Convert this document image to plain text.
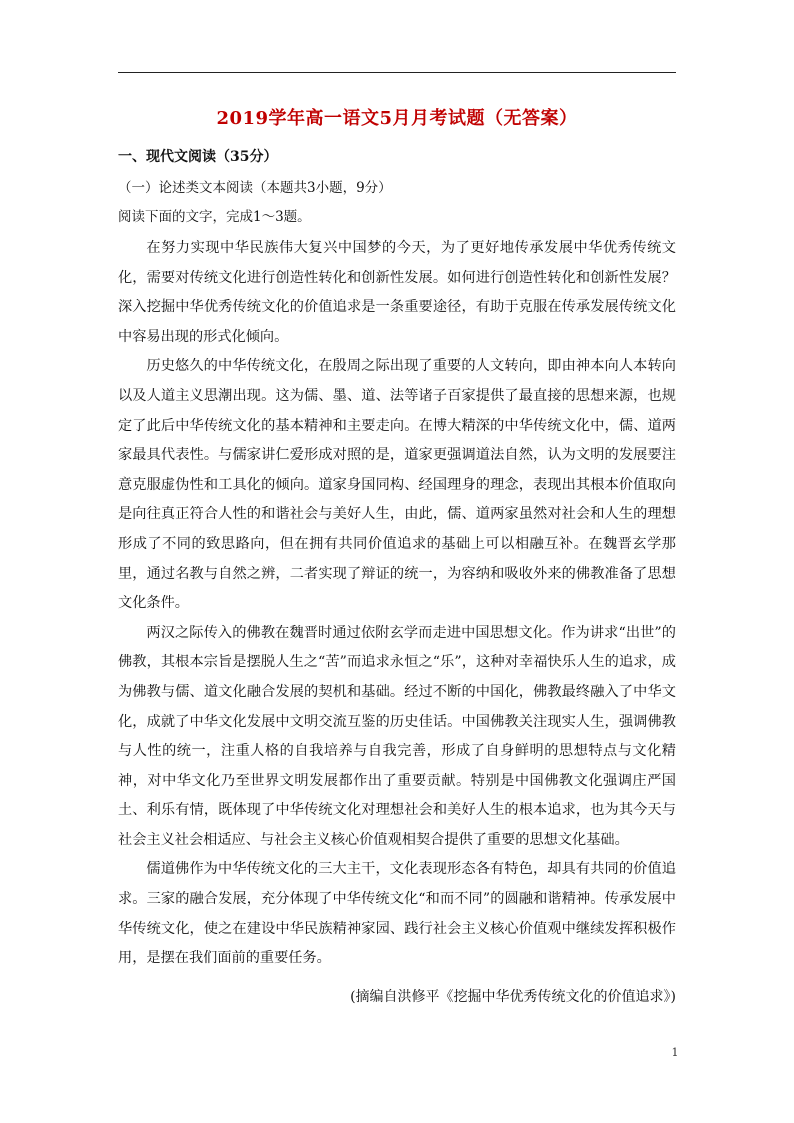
2019学年高一语文5月月考试题（无答案）
一、现代文阅读（35分）
（一）论述类文本阅读（本题共3小题，9分）
阅读下面的文字，完成1～3题。

在努力实现中华民族伟大复兴中国梦的今天，为了更好地传承发展中华优秀传统文化，需要对传统文化进行创造性转化和创新性发展。如何进行创造性转化和创新性发展？深入挖掘中华优秀传统文化的价值追求是一条重要途径，有助于克服在传承发展传统文化中容易出现的形式化倾向。

历史悠久的中华传统文化，在殷周之际出现了重要的人文转向，即由神本向人本转向以及人道主义思潮出现。这为儒、墨、道、法等诸子百家提供了最直接的思想来源，也规定了此后中华传统文化的基本精神和主要走向。在博大精深的中华传统文化中，儒、道两家最具代表性。与儒家讲仁爱形成对照的是，道家更强调道法自然，认为文明的发展要注意克服虚伪性和工具化的倾向。道家身国同构、经国理身的理念，表现出其根本价值取向是向往真正符合人性的和谐社会与美好人生，由此，儒、道两家虽然对社会和人生的理想形成了不同的致思路向，但在拥有共同价值追求的基础上可以相融互补。在魏晋玄学那里，通过名教与自然之辨，二者实现了辩证的统一，为容纳和吸收外来的佛教准备了思想文化条件。

两汉之际传入的佛教在魏晋时通过依附玄学而走进中国思想文化。作为讲求“出世”的佛教，其根本宗旨是摆脱人生之“苦”而追求永恒之“乐”，这种对幸福快乐人生的追求，成为佛教与儒、道文化融合发展的契机和基础。经过不断的中国化，佛教最终融入了中华文化，成就了中华文化发展中文明交流互鉴的历史佳话。中国佛教关注现实人生，强调佛教与人性的统一，注重人格的自我培养与自我完善，形成了自身鲜明的思想特点与文化精神，对中华文化乃至世界文明发展都作出了重要贡献。特别是中国佛教文化强调庄严国土、利乐有情，既体现了中华传统文化对理想社会和美好人生的根本追求，也为其今天与社会主义社会相适应、与社会主义核心价值观相契合提供了重要的思想文化基础。

儒道佛作为中华传统文化的三大主干，文化表现形态各有特色，却具有共同的价值追求。三家的融合发展，充分体现了中华传统文化“和而不同”的圆融和谐精神。传承发展中华传统文化，使之在建设中华民族精神家园、践行社会主义核心价值观中继续发挥积极作用，是摆在我们面前的重要任务。

(摘编自洪修平《挖掘中华优秀传统文化的价值追求》)
1
